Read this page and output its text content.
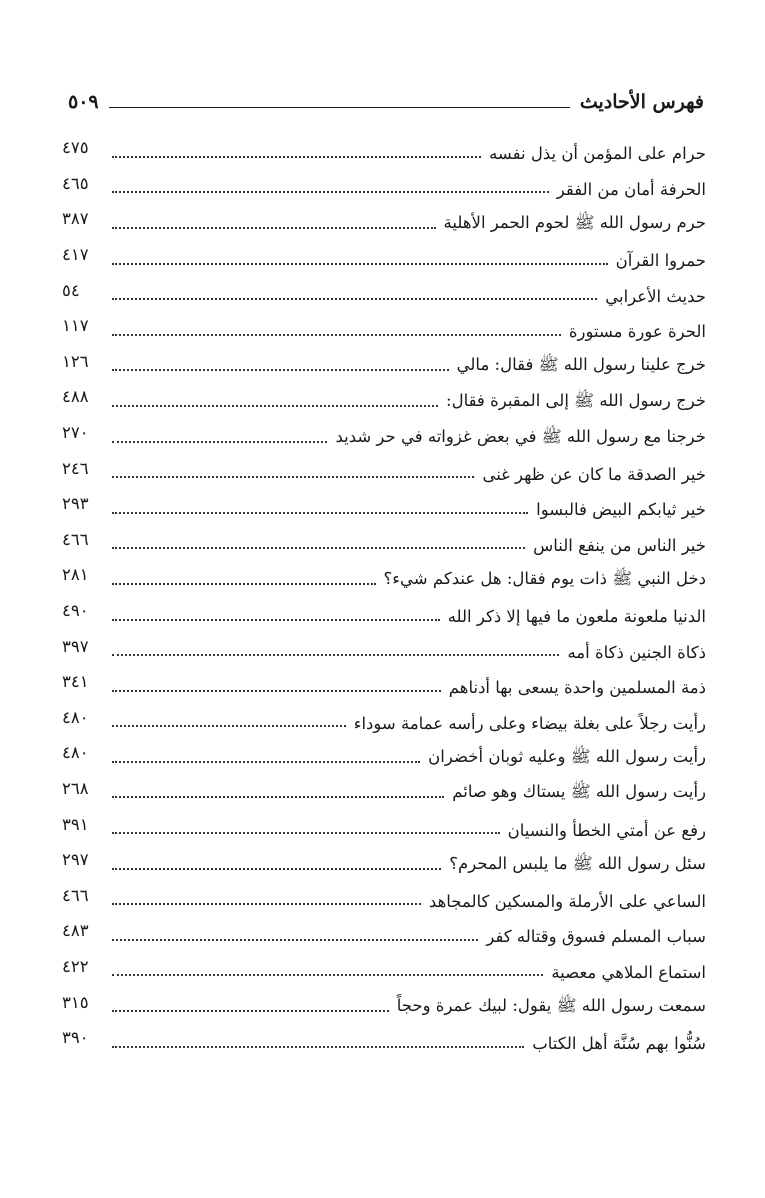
فهرس الأحاديث
٥٠٩
حرام على المؤمن أن يذل نفسه
٤٧٥
الحرفة أمان من الفقر
٤٦٥
حرم رسول الله ﷺ لحوم الحمر الأهلية
٣٨٧
حمروا القرآن
٤١٧
حديث الأعرابي
٥٤
الحرة عورة مستورة
١١٧
خرج علينا رسول الله ﷺ فقال: مالي
١٢٦
خرج رسول الله ﷺ إلى المقبرة فقال:
٤٨٨
خرجنا مع رسول الله ﷺ في بعض غزواته في حر شديد
٢٧٠
خير الصدقة ما كان عن ظهر غنى
٢٤٦
خير ثيابكم البيض فالبسوا
٢٩٣
خير الناس من ينفع الناس
٤٦٦
دخل النبي ﷺ ذات يوم فقال: هل عندكم شيء؟
٢٨١
الدنيا ملعونة ملعون ما فيها إلا ذكر الله
٤٩٠
ذكاة الجنين ذكاة أمه
٣٩٧
ذمة المسلمين واحدة يسعى بها أدناهم
٣٤١
رأيت رجلاً على بغلة بيضاء وعلى رأسه عمامة سوداء
٤٨٠
رأيت رسول الله ﷺ وعليه ثوبان أخضران
٤٨٠
رأيت رسول الله ﷺ يستاك وهو صائم
٢٦٨
رفع عن أمتي الخطأ والنسيان
٣٩١
سئل رسول الله ﷺ ما يلبس المحرم؟
٢٩٧
الساعي على الأرملة والمسكين كالمجاهد
٤٦٦
سباب المسلم فسوق وقتاله كفر
٤٨٣
استماع الملاهي معصية
٤٢٢
سمعت رسول الله ﷺ يقول: لبيك عمرة وحجاً
٣١٥
سُنُّوا بهم سُنَّة أهل الكتاب
٣٩٠
